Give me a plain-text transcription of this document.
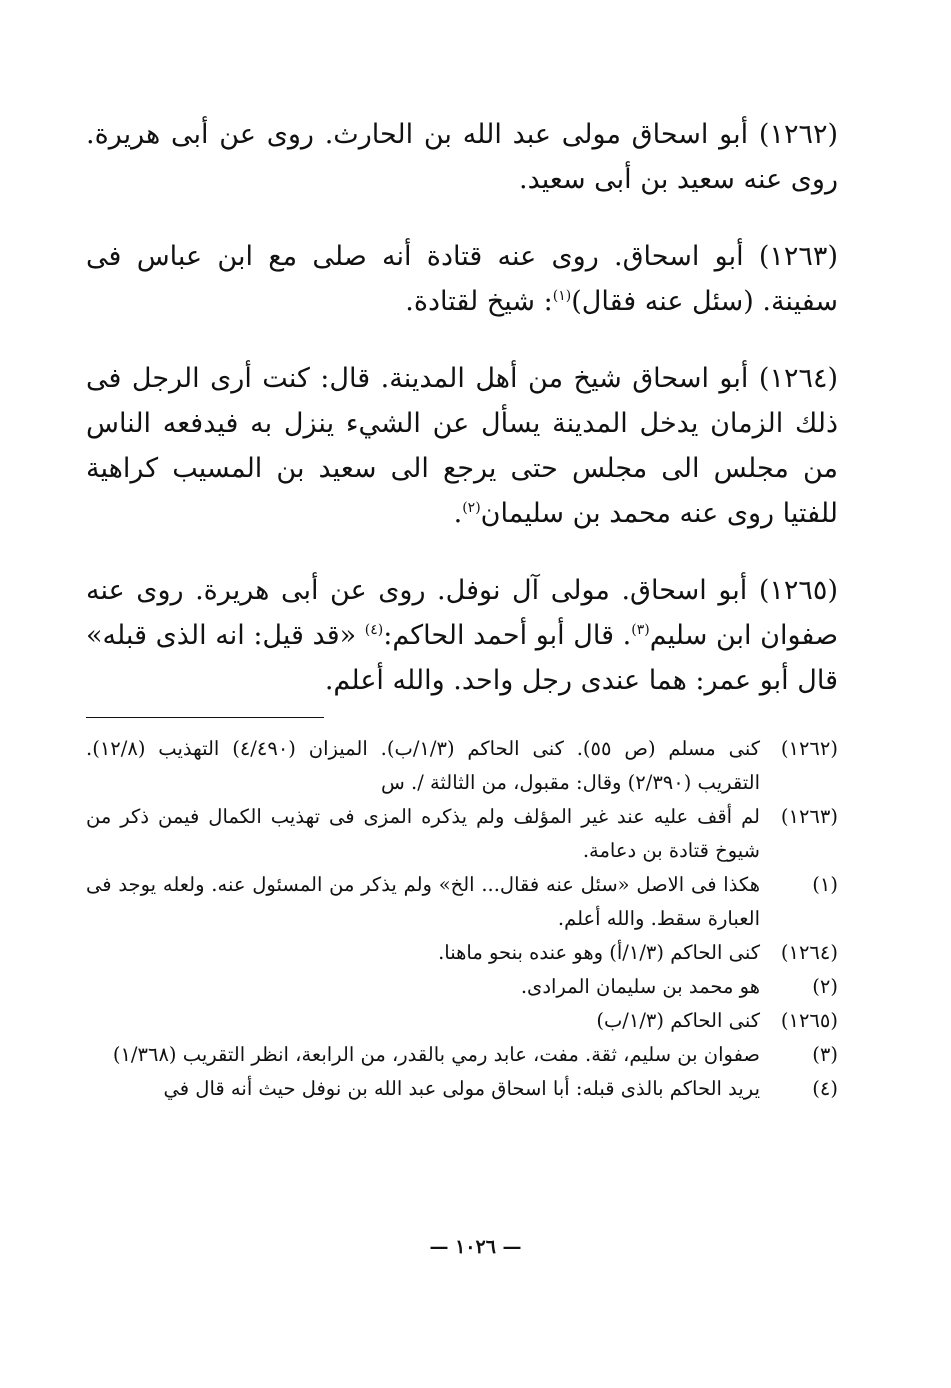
(١٢٦٢) أبو اسحاق مولى عبد الله بن الحارث. روى عن أبى هريرة. روى عنه سعيد بن أبى سعيد.

(١٢٦٣) أبو اسحاق. روى عنه قتادة أنه صلى مع ابن عباس فى سفينة. (سئل عنه فقال)$^{(١)}$: شيخ لقتادة.

(١٢٦٤) أبو اسحاق شيخ من أهل المدينة. قال: كنت أرى الرجل فى ذلك الزمان يدخل المدينة يسأل عن الشيء ينزل به فيدفعه الناس من مجلس الى مجلس حتى يرجع الى سعيد بن المسيب كراهية للفتيا روى عنه محمد بن سليمان$^{(٢)}$.

(١٢٦٥) أبو اسحاق. مولى آل نوفل. روى عن أبى هريرة. روى عنه صفوان ابن سليم$^{(٣)}$. قال أبو أحمد الحاكم:$^{(٤)}$ «قد قيل: انه الذى قبله» قال أبو عمر: هما عندى رجل واحد. والله أعلم.

(١٢٦٢)
كنى مسلم (ص ٥٥). كنى الحاكم (١/٣/ب). الميزان (٤/٤٩٠) التهذيب (١٢/٨). التقريب (٢/٣٩٠) وقال: مقبول، من الثالثة /. س
(١٢٦٣)
لم أقف عليه عند غير المؤلف ولم يذكره المزى فى تهذيب الكمال فيمن ذكر من شيوخ قتادة بن دعامة.
(١)
هكذا فى الاصل «سئل عنه فقال... الخ» ولم يذكر من المسئول عنه. ولعله يوجد فى العبارة سقط. والله أعلم.
(١٢٦٤)
كنى الحاكم (١/٣/أ) وهو عنده بنحو ماهنا.
(٢)
هو محمد بن سليمان المرادى.
(١٢٦٥)
كنى الحاكم (١/٣/ب)
(٣)
صفوان بن سليم، ثقة. مفت، عابد رمي بالقدر، من الرابعة، انظر التقريب (١/٣٦٨)
(٤)
يريد الحاكم بالذى قبله: أبا اسحاق مولى عبد الله بن نوفل حيث أنه قال في
— ١٠٢٦ —
